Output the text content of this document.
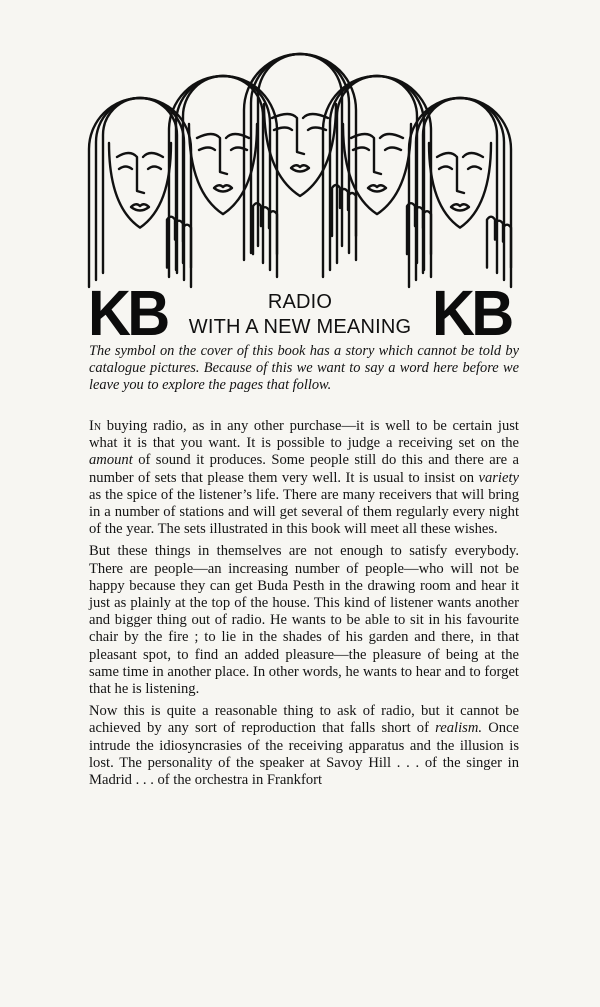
KB	RADIO
WITH A NEW MEANING KB

The symbol on the cover of this book has a story which cannot be told by catalogue pictures. Because of this we want to say a word here before we leave you to explore the pages that follow.

In buying radio, as in any other purchase—it is well to be certain just what it is that you want. It is possible to judge a receiving set on the amount of sound it produces. Some people still do this and there are a number of sets that please them very well. It is usual to insist on variety as the spice of the listener’s life. There are many receivers that will bring in a number of stations and will get several of them regularly every night of the year. The sets illustrated in this book will meet all these wishes.

But these things in themselves are not enough to satisfy everybody. There are people—an increasing number of people—who will not be happy because they can get Buda Pesth in the drawing room and hear it just as plainly at the top of the house. This kind of listener wants another and bigger thing out of radio. He wants to be able to sit in his favourite chair by the fire ; to lie in the shades of his garden and there, in that pleasant spot, to find an added pleasure—the pleasure of being at the same time in another place. In other words, he wants to hear and to forget that he is listening.

Now this is quite a reasonable thing to ask of radio, but it cannot be achieved by any sort of reproduction that falls short of realism. Once intrude the idiosyncrasies of the receiving apparatus and the illusion is lost. The personality of the speaker at Savoy Hill . . . of the singer in Madrid . . . of the orchestra in Frankfort
